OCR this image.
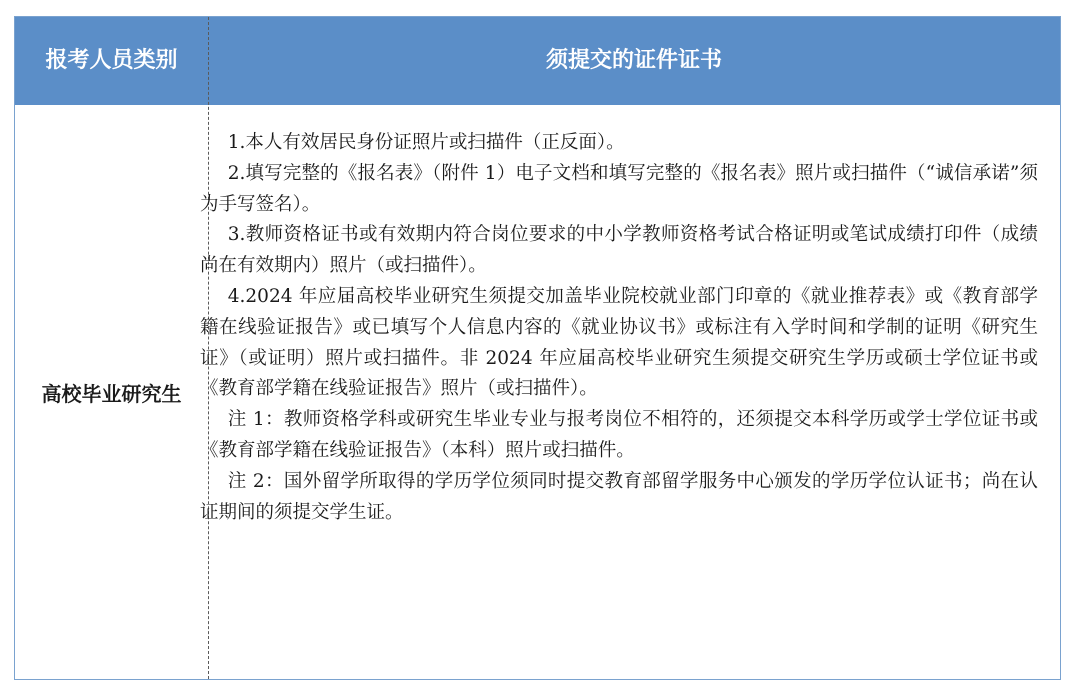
报考人员类别	须提交的证件证书
高校毕业研究生

1.本人有效居民身份证照片或扫描件（正反面）。

2.填写完整的《报名表》（附件 1）电子文档和填写完整的《报名表》照片或扫描件（“诚信承诺”须为手写签名）。

3.教师资格证书或有效期内符合岗位要求的中小学教师资格考试合格证明或笔试成绩打印件（成绩尚在有效期内）照片（或扫描件）。

4.2024 年应届高校毕业研究生须提交加盖毕业院校就业部门印章的《就业推荐表》或《教育部学籍在线验证报告》或已填写个人信息内容的《就业协议书》或标注有入学时间和学制的证明《研究生证》（或证明）照片或扫描件。非 2024 年应届高校毕业研究生须提交研究生学历或硕士学位证书或《教育部学籍在线验证报告》照片（或扫描件）。

注 1：教师资格学科或研究生毕业专业与报考岗位不相符的，还须提交本科学历或学士学位证书或《教育部学籍在线验证报告》（本科）照片或扫描件。

注 2：国外留学所取得的学历学位须同时提交教育部留学服务中心颁发的学历学位认证书；尚在认证期间的须提交学生证。
